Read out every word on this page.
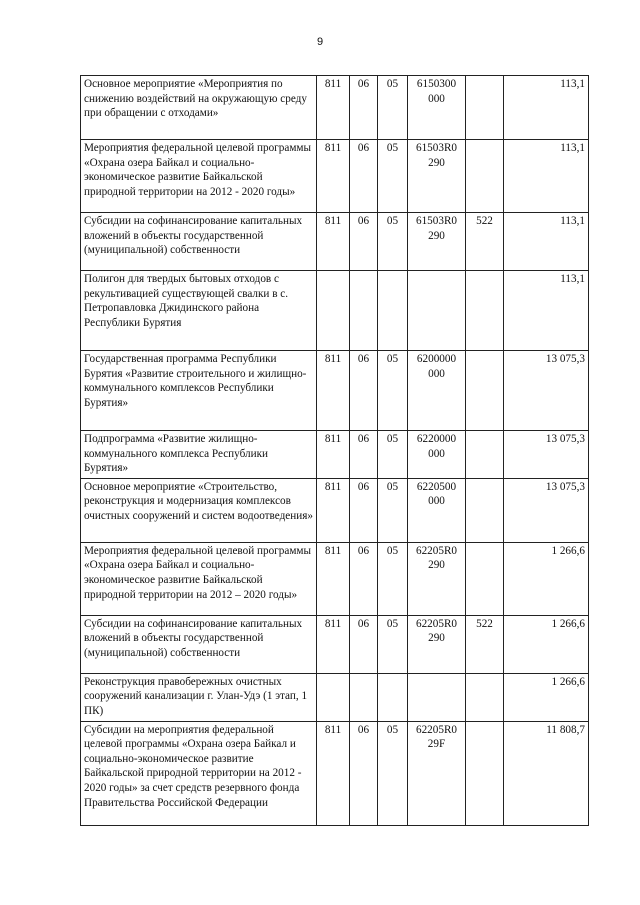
9
Основное мероприятие «Мероприятия по снижению воздействий на окружающую среду при обращении с отходами»	811	06	05	6150300 000		113,1
Мероприятия федеральной целевой программы «Охрана озера Байкал и социально-экономическое развитие Байкальской природной территории на 2012 - 2020 годы»	811	06	05	61503R0 290		113,1
Субсидии на софинансирование капитальных вложений в объекты государственной (муниципальной) собственности	811	06	05	61503R0 290	522	113,1
Полигон для твердых бытовых отходов с рекультивацией существующей свалки в с. Петропавловка Джидинского района Республики Бурятия						113,1
Государственная программа Республики Бурятия «Развитие строительного и жилищно-коммунального комплексов Республики Бурятия»	811	06	05	6200000 000		13 075,3
Подпрограмма «Развитие жилищно-коммунального комплекса Республики Бурятия»	811	06	05	6220000 000		13 075,3
Основное мероприятие «Строительство, реконструкция и модернизация комплексов очистных сооружений и систем водоотведения»	811	06	05	6220500 000		13 075,3
Мероприятия федеральной целевой программы «Охрана озера Байкал и социально-экономическое развитие Байкальской природной территории на 2012 – 2020 годы»	811	06	05	62205R0 290		1 266,6
Субсидии на софинансирование капитальных вложений в объекты государственной (муниципальной) собственности	811	06	05	62205R0 290	522	1 266,6
Реконструкция правобережных очистных сооружений канализации г. Улан-Удэ (1 этап, 1 ПК)						1 266,6
Субсидии на мероприятия федеральной целевой программы «Охрана озера Байкал и социально-экономическое развитие Байкальской природной территории на 2012 - 2020 годы» за счет средств резервного фонда Правительства Российской Федерации	811	06	05	62205R0 29F		11 808,7
